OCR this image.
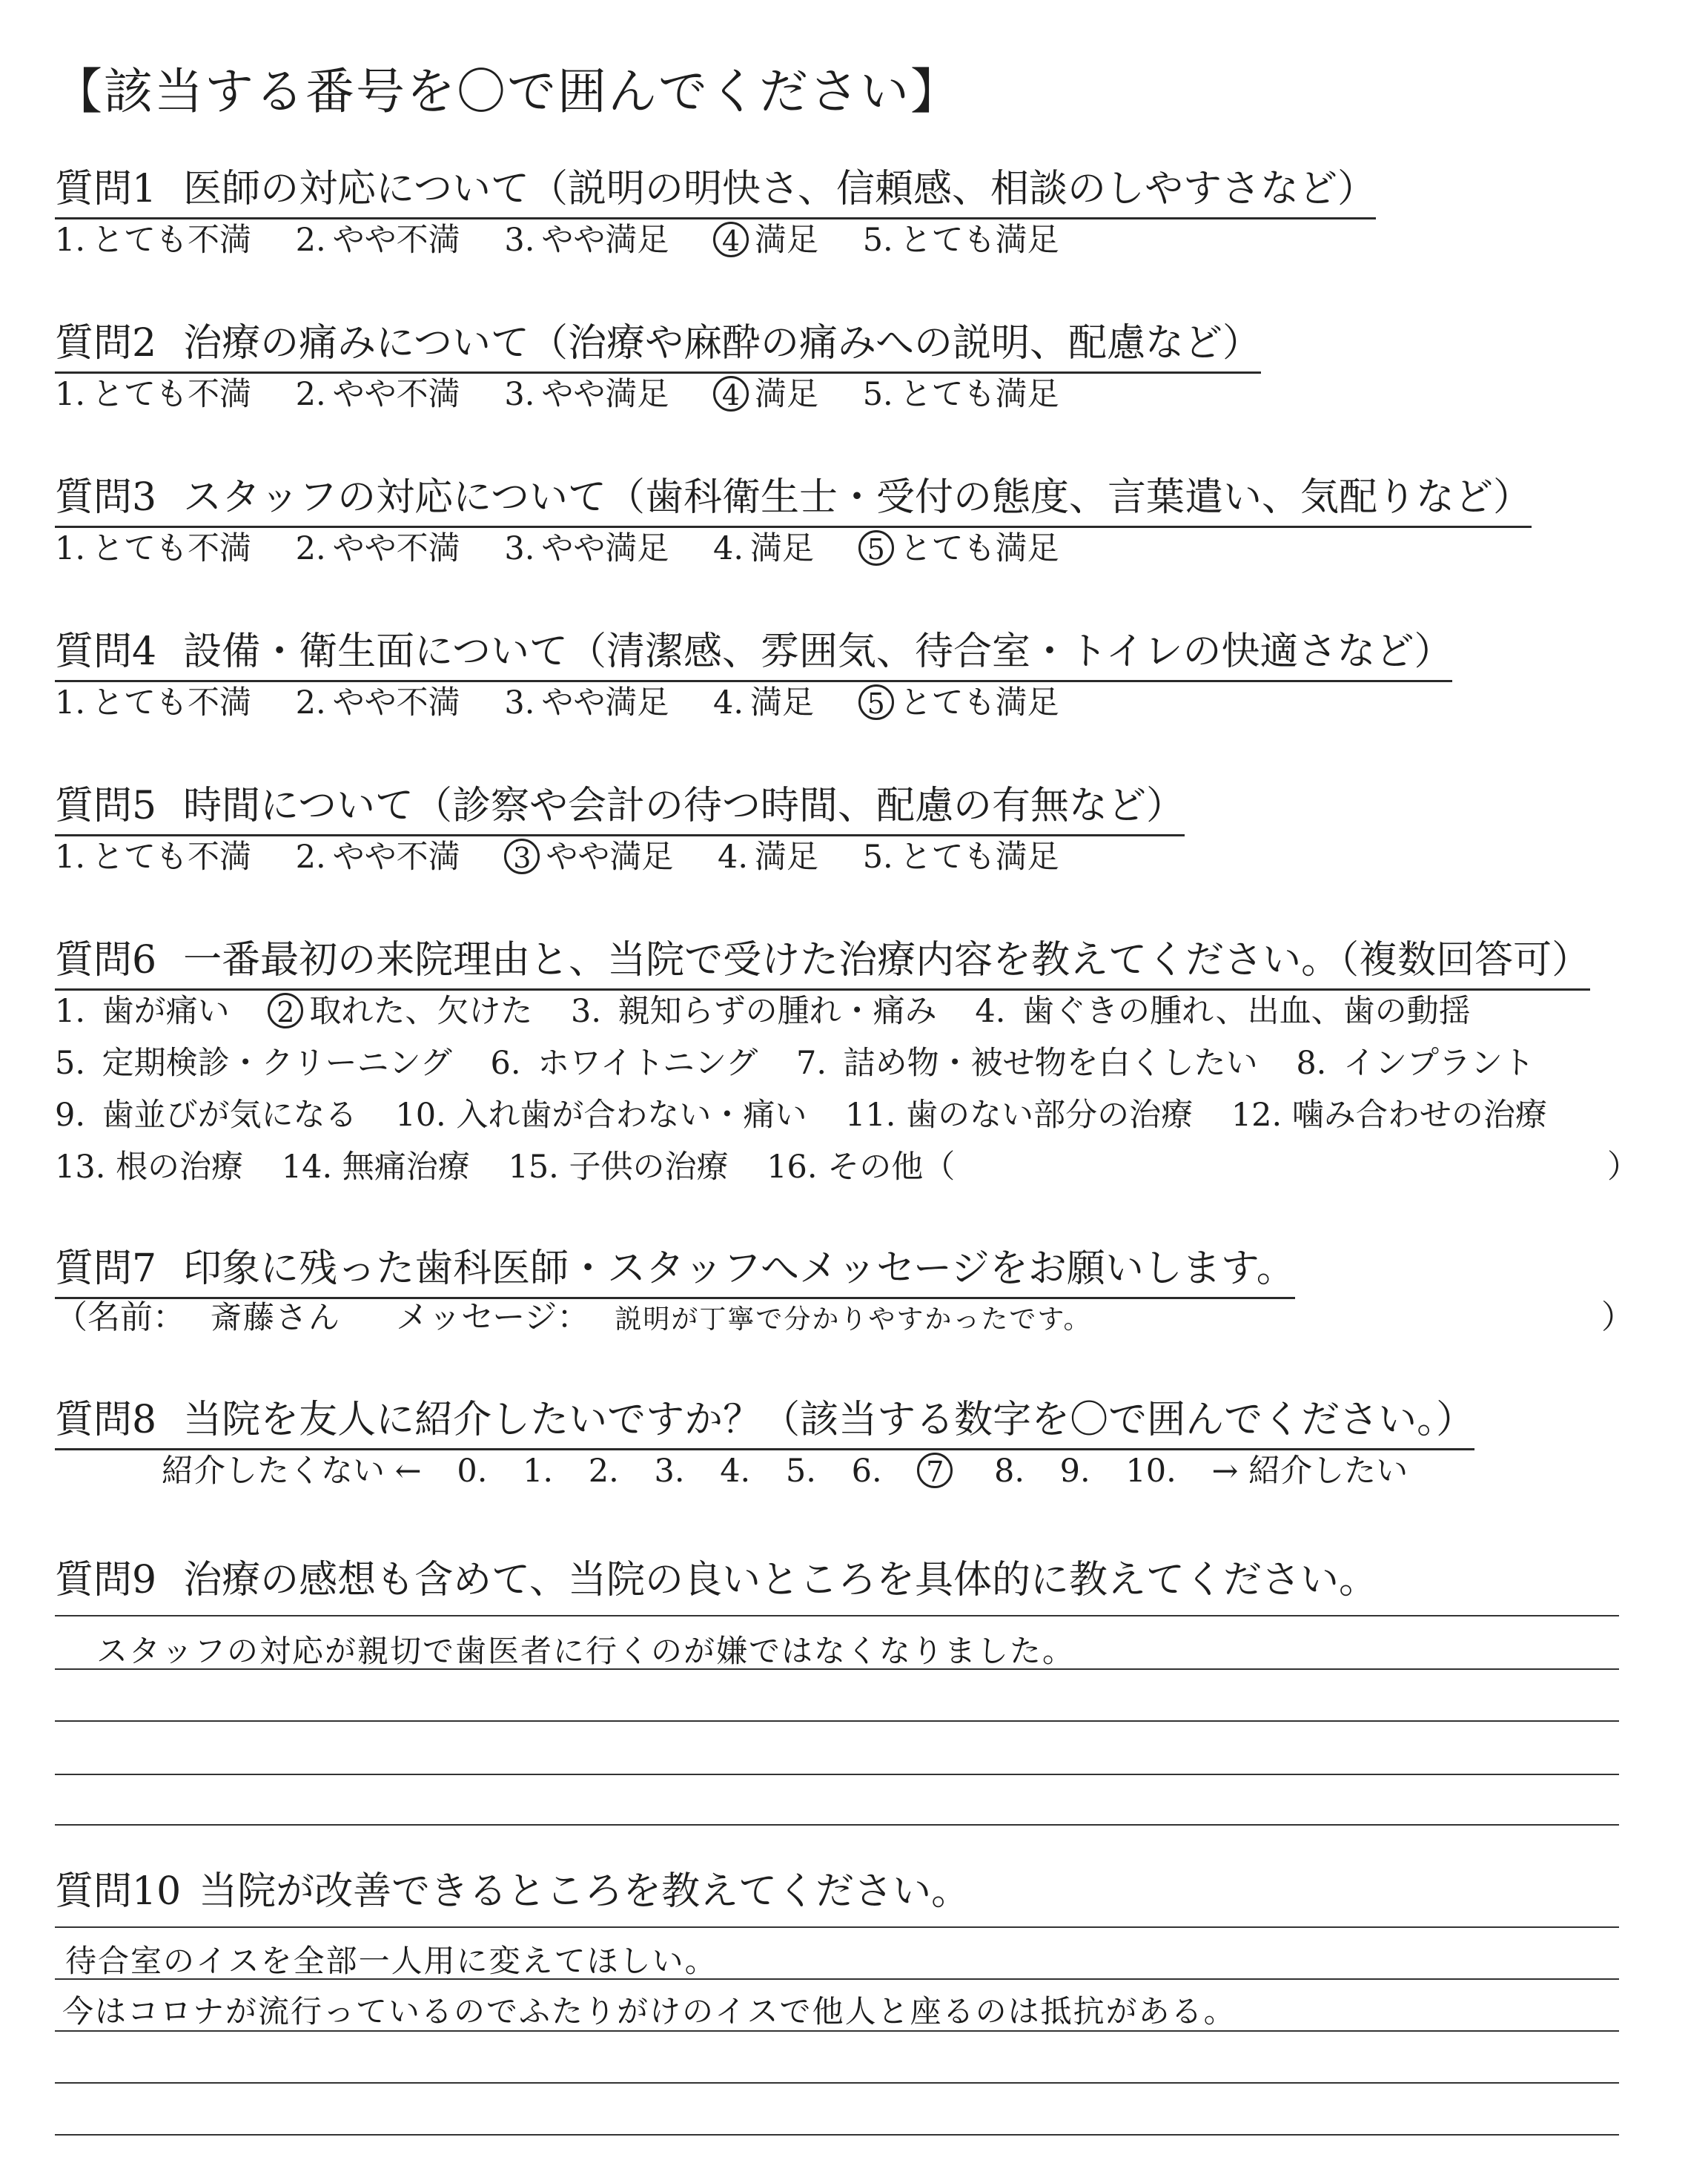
【該当する番号を〇で囲んでください】
質問1 医師の対応について（説明の明快さ、信頼感、相談のしやすさなど）
1. とても不満 2. やや不満 3. やや満足 4 満足 5. とても満足
質問2 治療の痛みについて（治療や麻酔の痛みへの説明、配慮など）
1. とても不満 2. やや不満 3. やや満足 4 満足 5. とても満足
質問3 スタッフの対応について（歯科衛生士・受付の態度、言葉遣い、気配りなど）
1. とても不満 2. やや不満 3. やや満足 4. 満足 5 とても満足
質問4 設備・衛生面について（清潔感、雰囲気、待合室・トイレの快適さなど）
1. とても不満 2. やや不満 3. やや満足 4. 満足 5 とても満足
質問5 時間について（診察や会計の待つ時間、配慮の有無など）
1. とても不満 2. やや不満 3 やや満足 4. 満足 5. とても満足
質問6 一番最初の来院理由と、当院で受けた治療内容を教えてください。（複数回答可）
1. 歯が痛い 2 取れた、欠けた 3. 親知らずの腫れ・痛み 4. 歯ぐきの腫れ、出血、歯の動揺
5. 定期検診・クリーニング 6. ホワイトニング 7. 詰め物・被せ物を白くしたい 8. インプラント
9. 歯並びが気になる 10. 入れ歯が合わない・痛い 11. 歯のない部分の治療 12. 噛み合わせの治療
13. 根の治療 14. 無痛治療 15. 子供の治療 16. その他（	）
質問7 印象に残った歯科医師・スタッフへメッセージをお願いします。
（名前： 斎藤さん メッセージ： 説明が丁寧で分かりやすかったです。	）
質問8 当院を友人に紹介したいですか？（該当する数字を〇で囲んでください。）
紹介したくない ← 0. 1. 2. 3. 4. 5. 6. 7 8. 9. 10. → 紹介したい
質問9 治療の感想も含めて、当院の良いところを具体的に教えてください。
スタッフの対応が親切で歯医者に行くのが嫌ではなくなりました。
質問10 当院が改善できるところを教えてください。
待合室のイスを全部一人用に変えてほしい。
今はコロナが流行っているのでふたりがけのイスで他人と座るのは抵抗がある。
